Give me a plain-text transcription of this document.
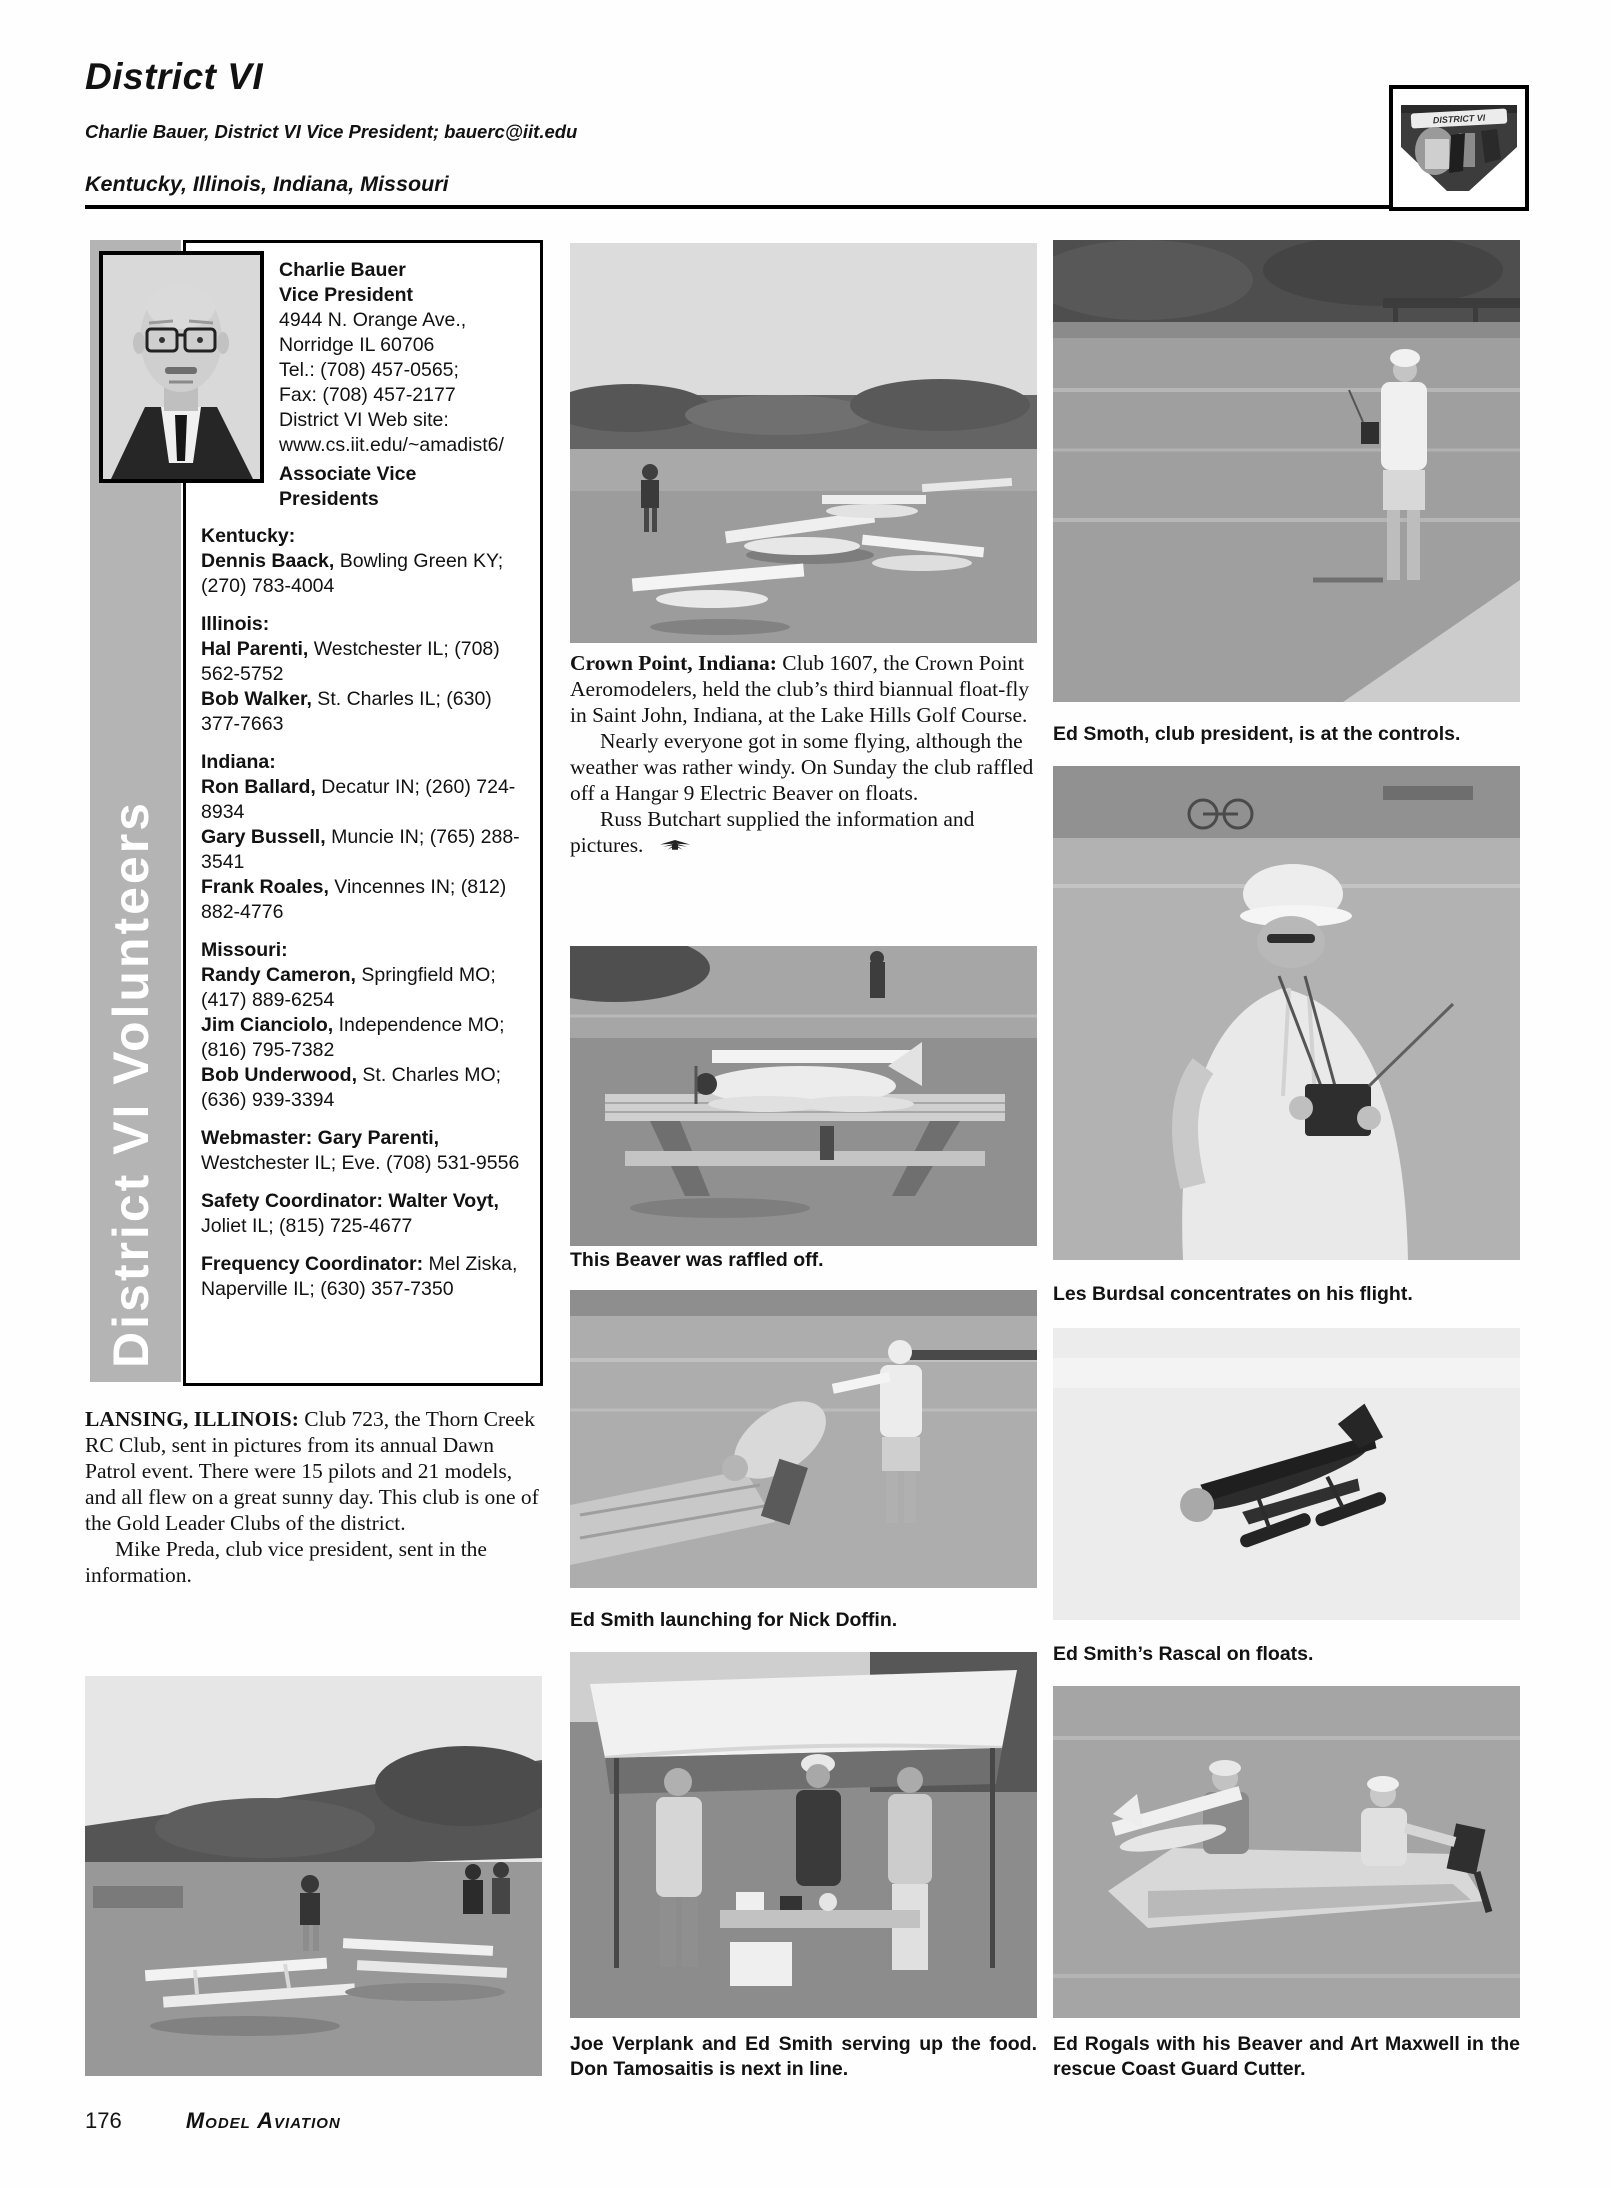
District VI
Charlie Bauer, District VI Vice President; bauerc@iit.edu
Kentucky, Illinois, Indiana, Missouri
DISTRICT VI
District VI Volunteers

Charlie Bauer

Vice President

4944 N. Orange Ave.,

Norridge IL 60706

Tel.: (708) 457-0565;

Fax: (708) 457-2177

District VI Web site:

www.cs.iit.edu/~amadist6/

Associate Vice Presidents
Kentucky:
Dennis Baack, Bowling Green KY; (270) 783-4004
Illinois:
Hal Parenti, Westchester IL; (708) 562-5752
Bob Walker, St. Charles IL; (630) 377-7663
Indiana:
Ron Ballard, Decatur IN; (260) 724-8934
Gary Bussell, Muncie IN; (765) 288-3541
Frank Roales, Vincennes IN; (812) 882-4776
Missouri:
Randy Cameron, Springfield MO; (417) 889-6254
Jim Cianciolo, Independence MO; (816) 795-7382
Bob Underwood, St. Charles MO; (636) 939-3394
Webmaster: Gary Parenti, Westchester IL; Eve. (708) 531-9556
Safety Coordinator: Walter Voyt, Joliet IL; (815) 725-4677
Frequency Coordinator: Mel Ziska, Naperville IL; (630) 357-7350

Crown Point, Indiana: Club 1607, the Crown Point Aeromodelers, held the club’s third biannual float-fly in Saint John, Indiana, at the Lake Hills Golf Course.

Nearly everyone got in some flying, although the weather was rather windy. On Sunday the club raffled off a Hangar 9 Electric Beaver on floats.

Russ Butchart supplied the information and pictures.

This Beaver was raffled off.
Ed Smith launching for Nick Doffin.
Joe Verplank and Ed Smith serving up the food. Don Tamosaitis is next in line.
Ed Smoth, club president, is at the controls.
Les Burdsal concentrates on his flight.
Ed Smith’s Rascal on floats.
Ed Rogals with his Beaver and Art Maxwell in the rescue Coast Guard Cutter.

LANSING, ILLINOIS: Club 723, the Thorn Creek RC Club, sent in pictures from its annual Dawn Patrol event. There were 15 pilots and 21 models, and all flew on a great sunny day. This club is one of the Gold Leader Clubs of the district.

Mike Preda, club vice president, sent in the information.

176	Model Aviation
